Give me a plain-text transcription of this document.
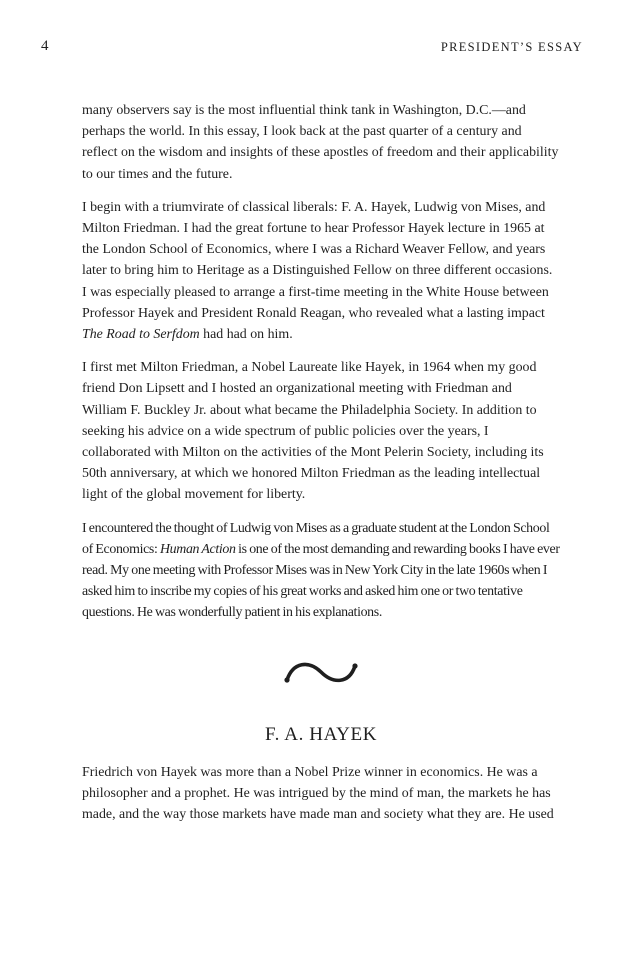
4	PRESIDENT’S ESSAY

many observers say is the most influential think tank in Washington, D.C.—and perhaps the world. In this essay, I look back at the past quarter of a century and reflect on the wisdom and insights of these apostles of freedom and their applicability to our times and the future.

I begin with a triumvirate of classical liberals: F. A. Hayek, Ludwig von Mises, and Milton Friedman. I had the great fortune to hear Professor Hayek lecture in 1965 at the London School of Economics, where I was a Richard Weaver Fellow, and years later to bring him to Heritage as a Distinguished Fellow on three different occasions. I was especially pleased to arrange a first-time meeting in the White House between Professor Hayek and President Ronald Reagan, who revealed what a lasting impact The Road to Serfdom had had on him.

I first met Milton Friedman, a Nobel Laureate like Hayek, in 1964 when my good friend Don Lipsett and I hosted an organizational meeting with Friedman and William F. Buckley Jr. about what became the Philadelphia Society. In addition to seeking his advice on a wide spectrum of public policies over the years, I collaborated with Milton on the activities of the Mont Pelerin Society, including its 50th anniversary, at which we honored Milton Friedman as the leading intellectual light of the global movement for liberty.

I encountered the thought of Ludwig von Mises as a graduate student at the London School of Economics: Human Action is one of the most demanding and rewarding books I have ever read. My one meeting with Professor Mises was in New York City in the late 1960s when I asked him to inscribe my copies of his great works and asked him one or two tentative questions. He was wonderfully patient in his explanations.

F. A. HAYEK

Friedrich von Hayek was more than a Nobel Prize winner in economics. He was a philosopher and a prophet. He was intrigued by the mind of man, the markets he has made, and the way those markets have made man and society what they are. He used
